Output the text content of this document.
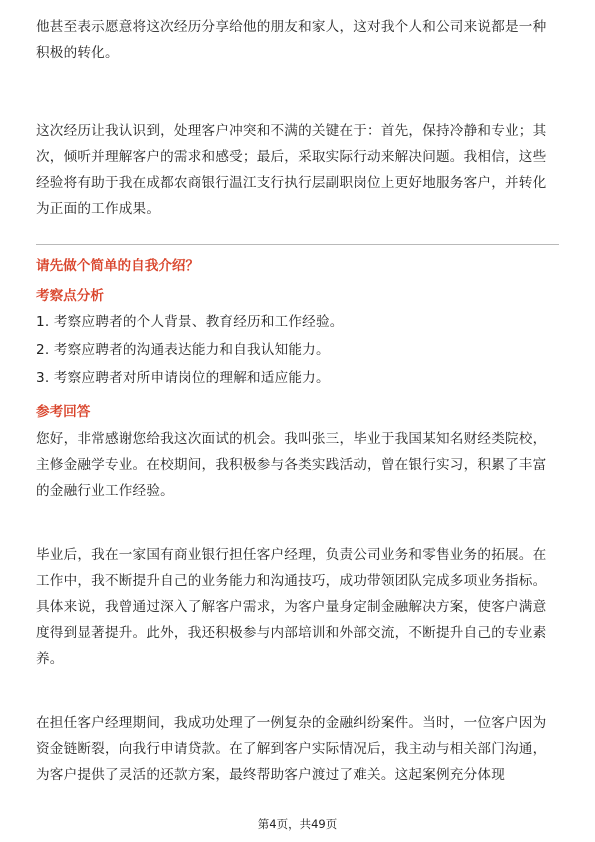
他甚至表示愿意将这次经历分享给他的朋友和家人，这对我个人和公司来说都是一种积极的转化。

这次经历让我认识到，处理客户冲突和不满的关键在于：首先，保持冷静和专业；其次，倾听并理解客户的需求和感受；最后，采取实际行动来解决问题。我相信，这些经验将有助于我在成都农商银行温江支行执行层副职岗位上更好地服务客户，并转化为正面的工作成果。

请先做个简单的自我介绍？

考察点分析

1. 考察应聘者的个人背景、教育经历和工作经验。

2. 考察应聘者的沟通表达能力和自我认知能力。

3. 考察应聘者对所申请岗位的理解和适应能力。

参考回答

您好，非常感谢您给我这次面试的机会。我叫张三，毕业于我国某知名财经类院校，主修金融学专业。在校期间，我积极参与各类实践活动，曾在银行实习，积累了丰富的金融行业工作经验。

毕业后，我在一家国有商业银行担任客户经理，负责公司业务和零售业务的拓展。在工作中，我不断提升自己的业务能力和沟通技巧，成功带领团队完成多项业务指标。具体来说，我曾通过深入了解客户需求，为客户量身定制金融解决方案，使客户满意度得到显著提升。此外，我还积极参与内部培训和外部交流，不断提升自己的专业素养。

在担任客户经理期间，我成功处理了一例复杂的金融纠纷案件。当时，一位客户因为资金链断裂，向我行申请贷款。在了解到客户实际情况后，我主动与相关部门沟通，为客户提供了灵活的还款方案，最终帮助客户渡过了难关。这起案例充分体现

第4页，共49页
